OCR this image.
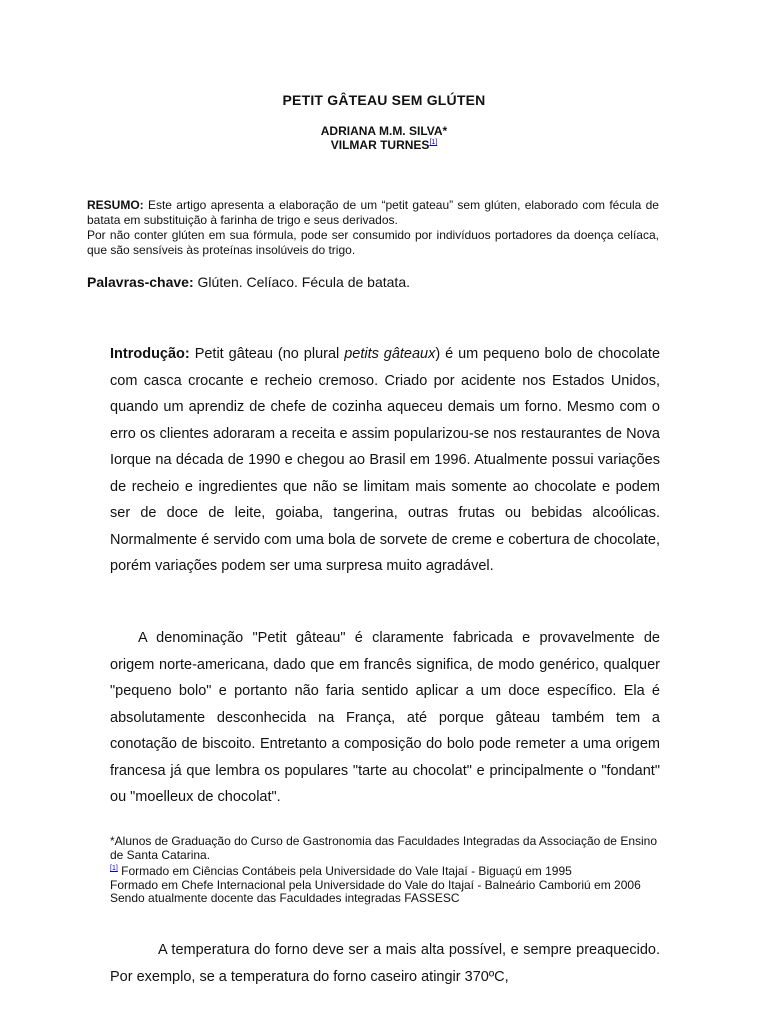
PETIT GÂTEAU SEM GLÚTEN
ADRIANA M.M. SILVA*
VILMAR TURNES[1]

RESUMO: Este artigo apresenta a elaboração de um “petit gateau” sem glúten, elaborado com fécula de batata em substituição à farinha de trigo e seus derivados.

Por não conter glúten em sua fórmula, pode ser consumido por indivíduos portadores da doença celíaca, que são sensíveis às proteínas insolúveis do trigo.

Palavras-chave: Glúten. Celíaco. Fécula de batata.

Introdução: Petit gâteau (no plural petits gâteaux) é um pequeno bolo de chocolate com casca crocante e recheio cremoso. Criado por acidente nos Estados Unidos, quando um aprendiz de chefe de cozinha aqueceu demais um forno. Mesmo com o erro os clientes adoraram a receita e assim popularizou-se nos restaurantes de Nova Iorque na década de 1990 e chegou ao Brasil em 1996. Atualmente possui variações de recheio e ingredientes que não se limitam mais somente ao chocolate e podem ser de doce de leite, goiaba, tangerina, outras frutas ou bebidas alcoólicas. Normalmente é servido com uma bola de sorvete de creme e cobertura de chocolate, porém variações podem ser uma surpresa muito agradável.

A denominação "Petit gâteau" é claramente fabricada e provavelmente de origem norte-americana, dado que em francês significa, de modo genérico, qualquer "pequeno bolo" e portanto não faria sentido aplicar a um doce específico. Ela é absolutamente desconhecida na França, até porque gâteau também tem a conotação de biscoito. Entretanto a composição do bolo pode remeter a uma origem francesa já que lembra os populares "tarte au chocolat" e principalmente o "fondant" ou "moelleux de chocolat".

*Alunos de Graduação do Curso de Gastronomia das Faculdades Integradas da Associação de Ensino de Santa Catarina.

[1] Formado em Ciências Contábeis pela Universidade do Vale Itajaí - Biguaçú em 1995

Formado em Chefe Internacional pela Universidade do Vale do Itajaí - Balneário Camboriú em 2006

Sendo atualmente docente das Faculdades integradas FASSESC

A temperatura do forno deve ser a mais alta possível, e sempre preaquecido. Por exemplo, se a temperatura do forno caseiro atingir 370ºC,
